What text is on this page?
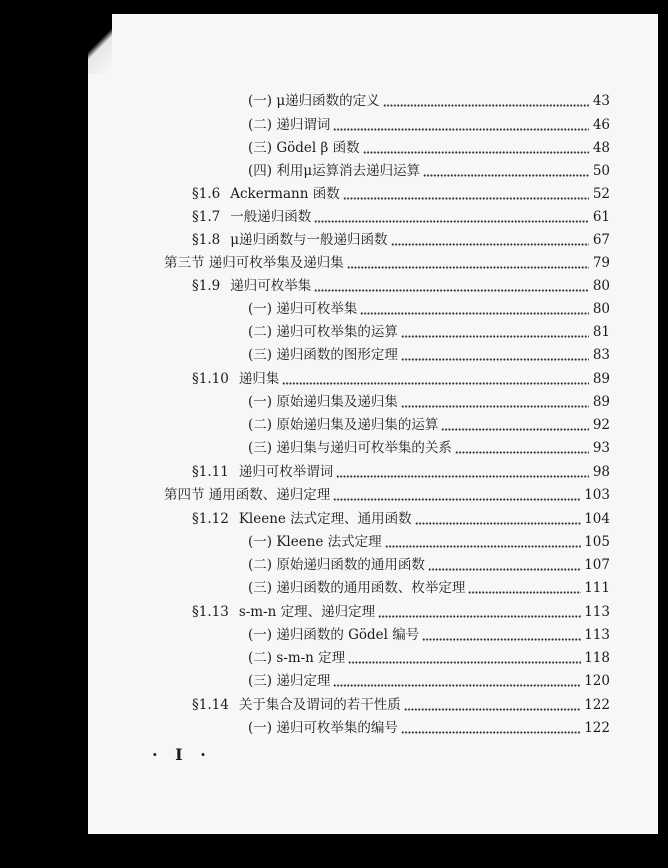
(一) μ递归函数的定义	43
(二) 递归谓词	46
(三) Gödel β 函数	48
(四) 利用μ运算消去递归运算	50
§1.6 Ackermann 函数	52
§1.7 一般递归函数	61
§1.8 μ递归函数与一般递归函数	67
第三节 递归可枚举集及递归集	79
§1.9 递归可枚举集	80
(一) 递归可枚举集	80
(二) 递归可枚举集的运算	81
(三) 递归函数的图形定理	83
§1.10 递归集	89
(一) 原始递归集及递归集	89
(二) 原始递归集及递归集的运算	92
(三) 递归集与递归可枚举集的关系	93
§1.11 递归可枚举谓词	98
第四节 通用函数、递归定理	103
§1.12 Kleene 法式定理、通用函数	104
(一) Kleene 法式定理	105
(二) 原始递归函数的通用函数	107
(三) 递归函数的通用函数、枚举定理	111
§1.13 s-m-n 定理、递归定理	113
(一) 递归函数的 Gödel 编号	113
(二) s-m-n 定理	118
(三) 递归定理	120
§1.14 关于集合及谓词的若干性质	122
(一) 递归可枚举集的编号	122
· I ·
